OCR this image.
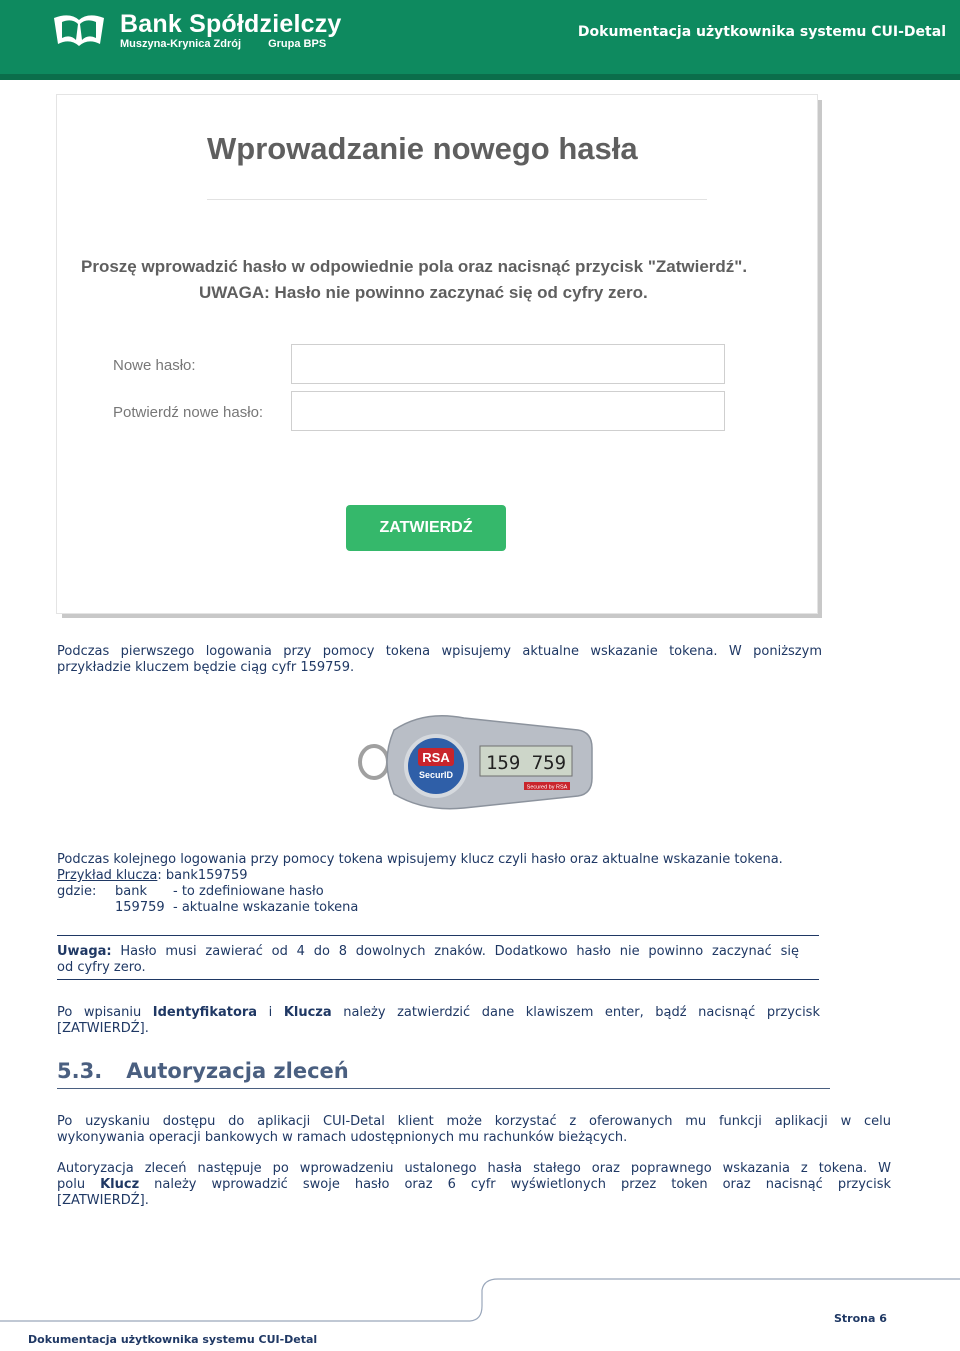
Bank Spółdzielczy
Muszyna-Krynica Zdrój Grupa BPS
Dokumentacja użytkownika systemu CUI-Detal
Wprowadzanie nowego hasła
Proszę wprowadzić hasło w odpowiednie pola oraz nacisnąć przycisk "Zatwierdź".
UWAGA: Hasło nie powinno zaczynać się od cyfry zero.
Nowe hasło:
Potwierdź nowe hasło:
ZATWIERDŹ
Podczas pierwszego logowania przy pomocy tokena wpisujemy aktualne wskazanie tokena. W poniższym
przykładzie kluczem będzie ciąg cyfr 159759.
RSA
SecurID
159 759
Secured by RSA
Podczas kolejnego logowania przy pomocy tokena wpisujemy klucz czyli hasło oraz aktualne wskazanie tokena.
Przykład klucza: bank159759
gdzie: bank - to zdefiniowane hasło
159759 - aktualne wskazanie tokena
Uwaga: Hasło musi zawierać od 4 do 8 dowolnych znaków. Dodatkowo hasło nie powinno zaczynać się
od cyfry zero.
Po wpisaniu Identyfikatora i Klucza należy zatwierdzić dane klawiszem enter, bądź nacisnąć przycisk
[ZATWIERDŹ].
5.3. Autoryzacja zleceń
Po uzyskaniu dostępu do aplikacji CUI-Detal klient może korzystać z oferowanych mu funkcji aplikacji w celu
wykonywania operacji bankowych w ramach udostępnionych mu rachunków bieżących.
Autoryzacja zleceń następuje po wprowadzeniu ustalonego hasła stałego oraz poprawnego wskazania z tokena. W
polu Klucz należy wprowadzić swoje hasło oraz 6 cyfr wyświetlonych przez token oraz nacisnąć przycisk
[ZATWIERDŹ].
Strona 6
Dokumentacja użytkownika systemu CUI-Detal
